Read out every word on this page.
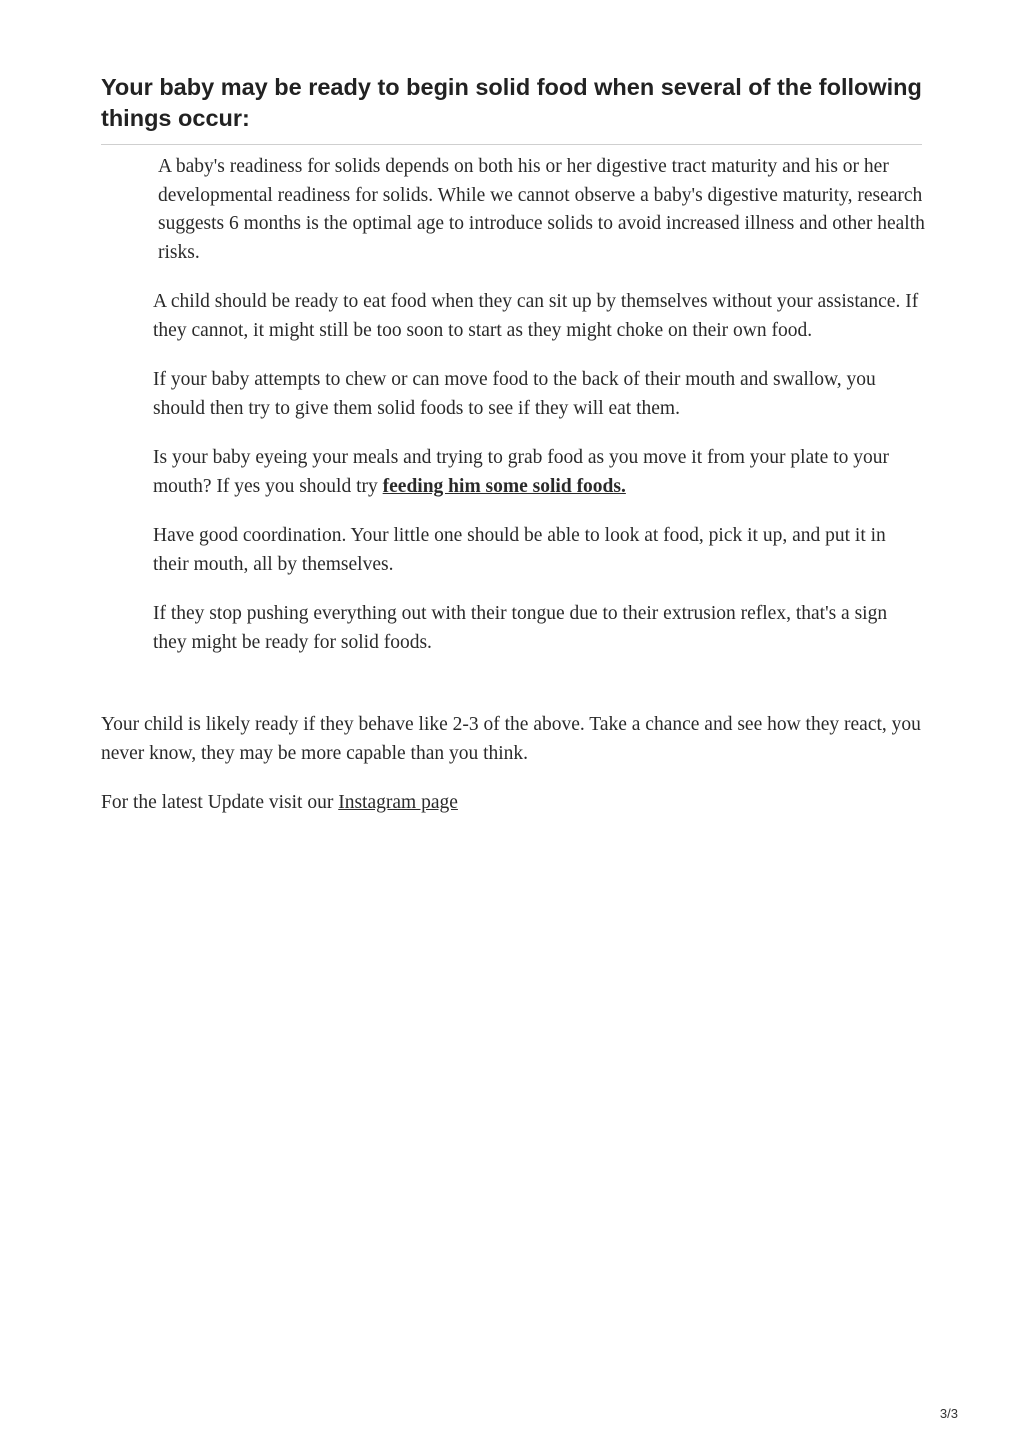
Your baby may be ready to begin solid food when several of the following things occur:

A baby's readiness for solids depends on both his or her digestive tract maturity and his or her developmental readiness for solids. While we cannot observe a baby's digestive maturity, research suggests 6 months is the optimal age to introduce solids to avoid increased illness and other health risks.

A child should be ready to eat food when they can sit up by themselves without your assistance. If they cannot, it might still be too soon to start as they might choke on their own food.

If your baby attempts to chew or can move food to the back of their mouth and swallow, you should then try to give them solid foods to see if they will eat them.

Is your baby eyeing your meals and trying to grab food as you move it from your plate to your mouth? If yes you should try feeding him some solid foods.

Have good coordination. Your little one should be able to look at food, pick it up, and put it in their mouth, all by themselves.

If they stop pushing everything out with their tongue due to their extrusion reflex, that's a sign they might be ready for solid foods.

Your child is likely ready if they behave like 2-3 of the above. Take a chance and see how they react, you never know, they may be more capable than you think.

For the latest Update visit our Instagram page

3/3
